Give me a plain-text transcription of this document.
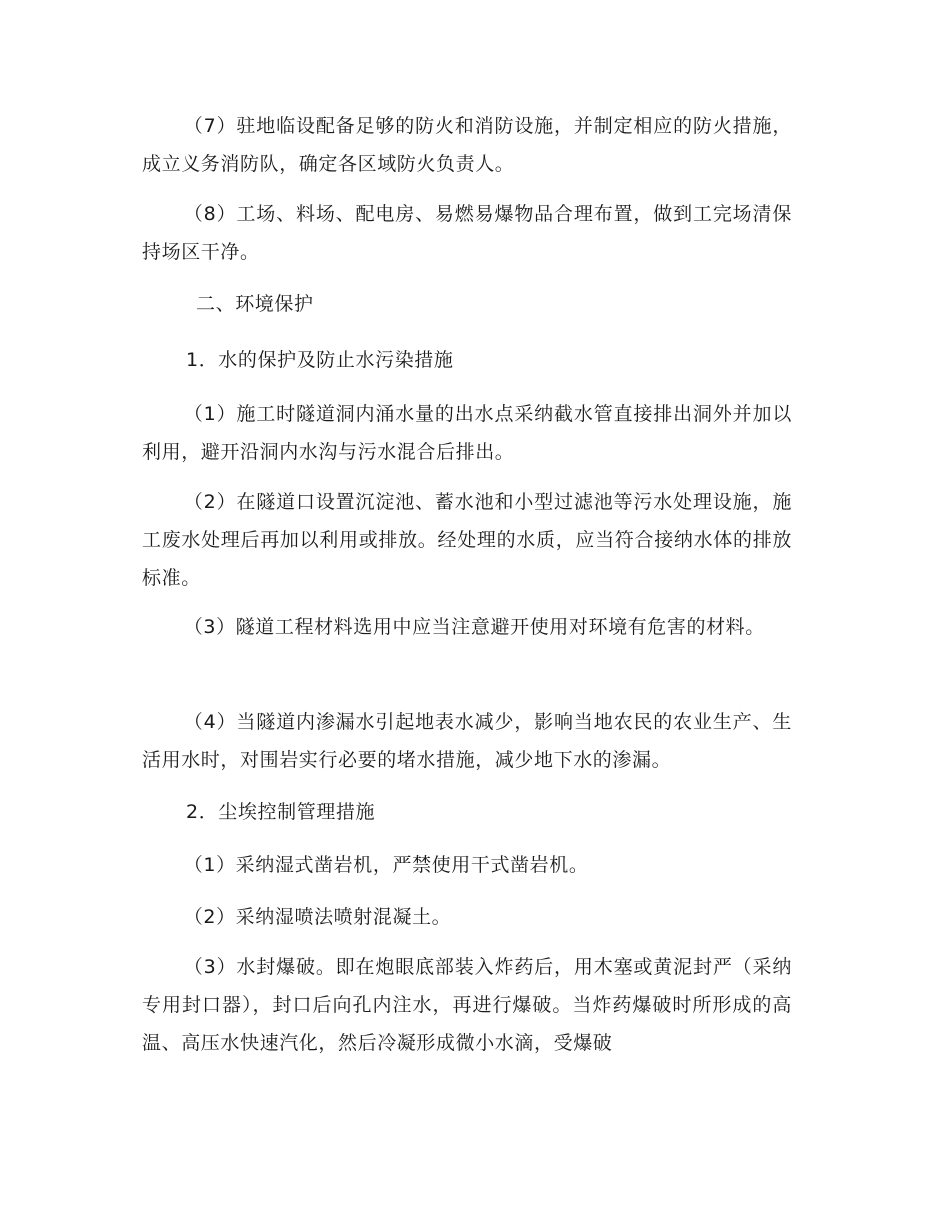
（7）驻地临设配备足够的防火和消防设施，并制定相应的防火措施，成立义务消防队，确定各区域防火负责人。

（8）工场、料场、配电房、易燃易爆物品合理布置，做到工完场清保持场区干净。

二、环境保护

1．水的保护及防止水污染措施

（1）施工时隧道洞内涌水量的出水点采纳截水管直接排出洞外并加以利用，避开沿洞内水沟与污水混合后排出。

（2）在隧道口设置沉淀池、蓄水池和小型过滤池等污水处理设施，施工废水处理后再加以利用或排放。经处理的水质，应当符合接纳水体的排放标准。

（3）隧道工程材料选用中应当注意避开使用对环境有危害的材料。

（4）当隧道内渗漏水引起地表水减少，影响当地农民的农业生产、生活用水时，对围岩实行必要的堵水措施，减少地下水的渗漏。

2．尘埃控制管理措施

（1）采纳湿式凿岩机，严禁使用干式凿岩机。

（2）采纳湿喷法喷射混凝土。

（3）水封爆破。即在炮眼底部装入炸药后，用木塞或黄泥封严（采纳专用封口器），封口后向孔内注水，再进行爆破。当炸药爆破时所形成的高温、高压水快速汽化，然后冷凝形成微小水滴，受爆破
